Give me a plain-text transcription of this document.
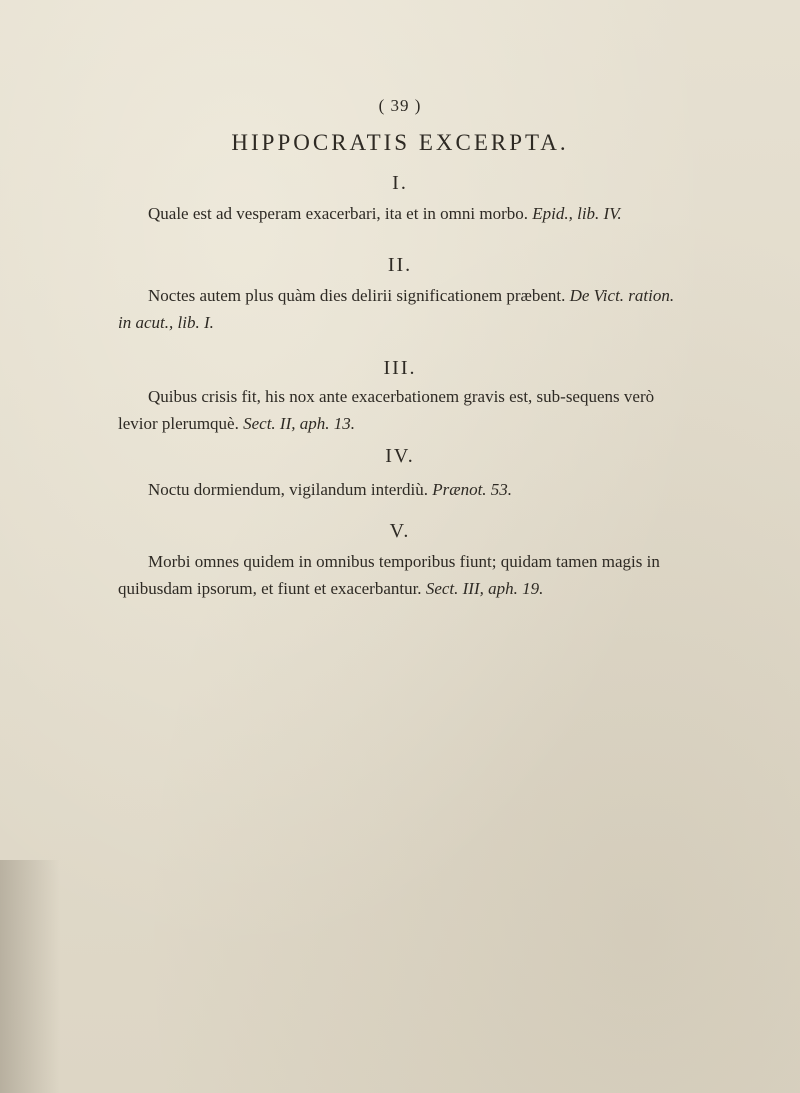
( 39 )
HIPPOCRATIS EXCERPTA.
I.
Quale est ad vesperam exacerbari, ita et in omni morbo. Epid., lib. IV.
II.
Noctes autem plus quàm dies delirii significationem præbent. De Vict. ration. in acut., lib. I.
III.
Quibus crisis fit, his nox ante exacerbationem gravis est, sub-sequens verò levior plerumquè. Sect. II, aph. 13.
IV.
Noctu dormiendum, vigilandum interdiù. Prænot. 53.
V.
Morbi omnes quidem in omnibus temporibus fiunt; quidam tamen magis in quibusdam ipsorum, et fiunt et exacerbantur. Sect. III, aph. 19.
